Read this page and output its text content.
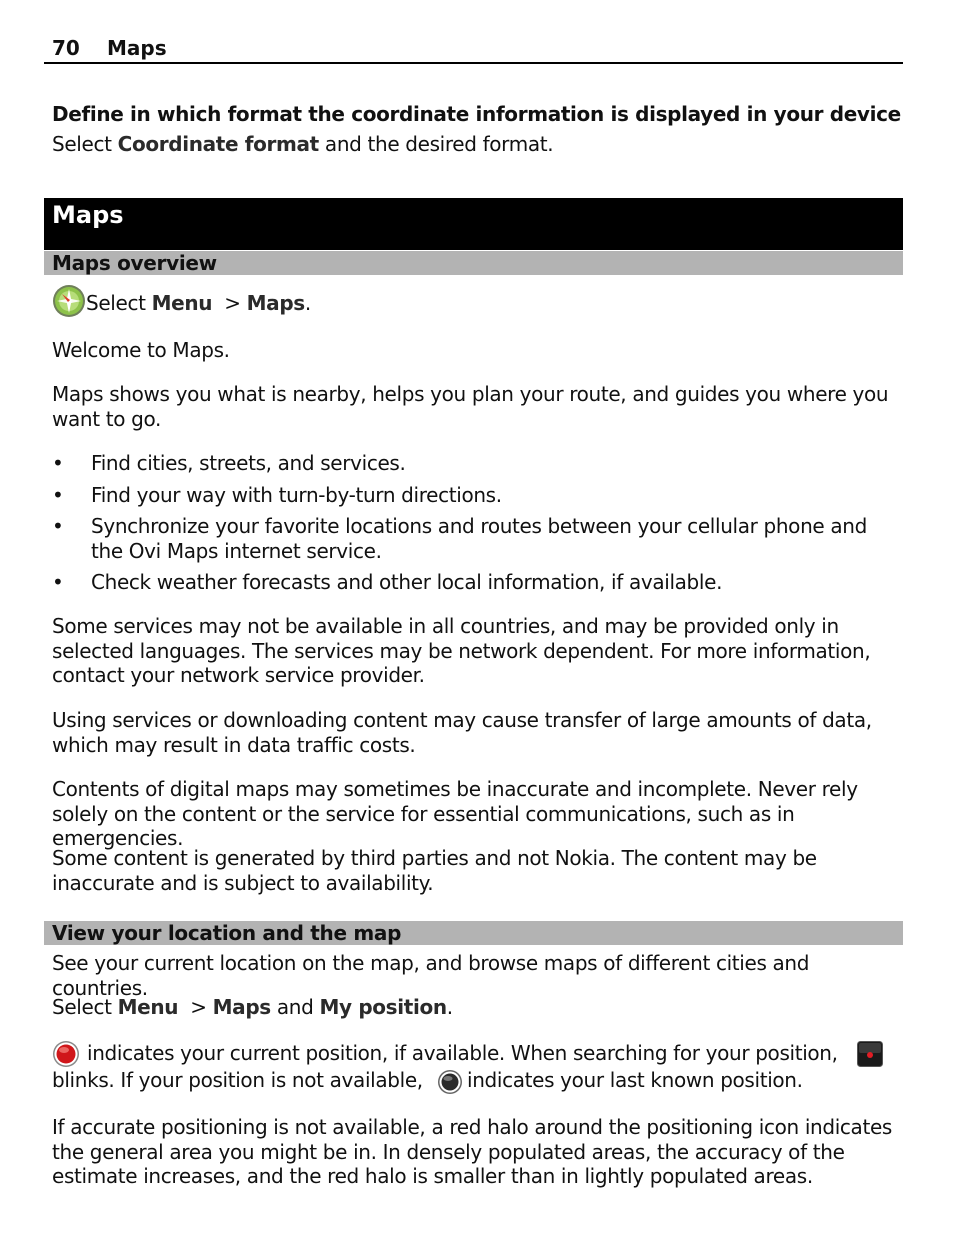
70 Maps
Define in which format the coordinate information is displayed in your device
Select Coordinate format and the desired format.
Maps
Maps overview
Select Menu > Maps.
Welcome to Maps.
Maps shows you what is nearby, helps you plan your route, and guides you where you want to go.
• Find cities, streets, and services.
• Find your way with turn-by-turn directions.
• Synchronize your favorite locations and routes between your cellular phone and the Ovi Maps internet service.
• Check weather forecasts and other local information, if available.
Some services may not be available in all countries, and may be provided only in selected languages. The services may be network dependent. For more information, contact your network service provider.
Using services or downloading content may cause transfer of large amounts of data, which may result in data traffic costs.
Contents of digital maps may sometimes be inaccurate and incomplete. Never rely solely on the content or the service for essential communications, such as in emergencies.
Some content is generated by third parties and not Nokia. The content may be inaccurate and is subject to availability.
View your location and the map
See your current location on the map, and browse maps of different cities and countries.
Select Menu > Maps and My position.
indicates your current position, if available. When searching for your position,
blinks. If your position is not available, indicates your last known position.
If accurate positioning is not available, a red halo around the positioning icon indicates the general area you might be in. In densely populated areas, the accuracy of the estimate increases, and the red halo is smaller than in lightly populated areas.
